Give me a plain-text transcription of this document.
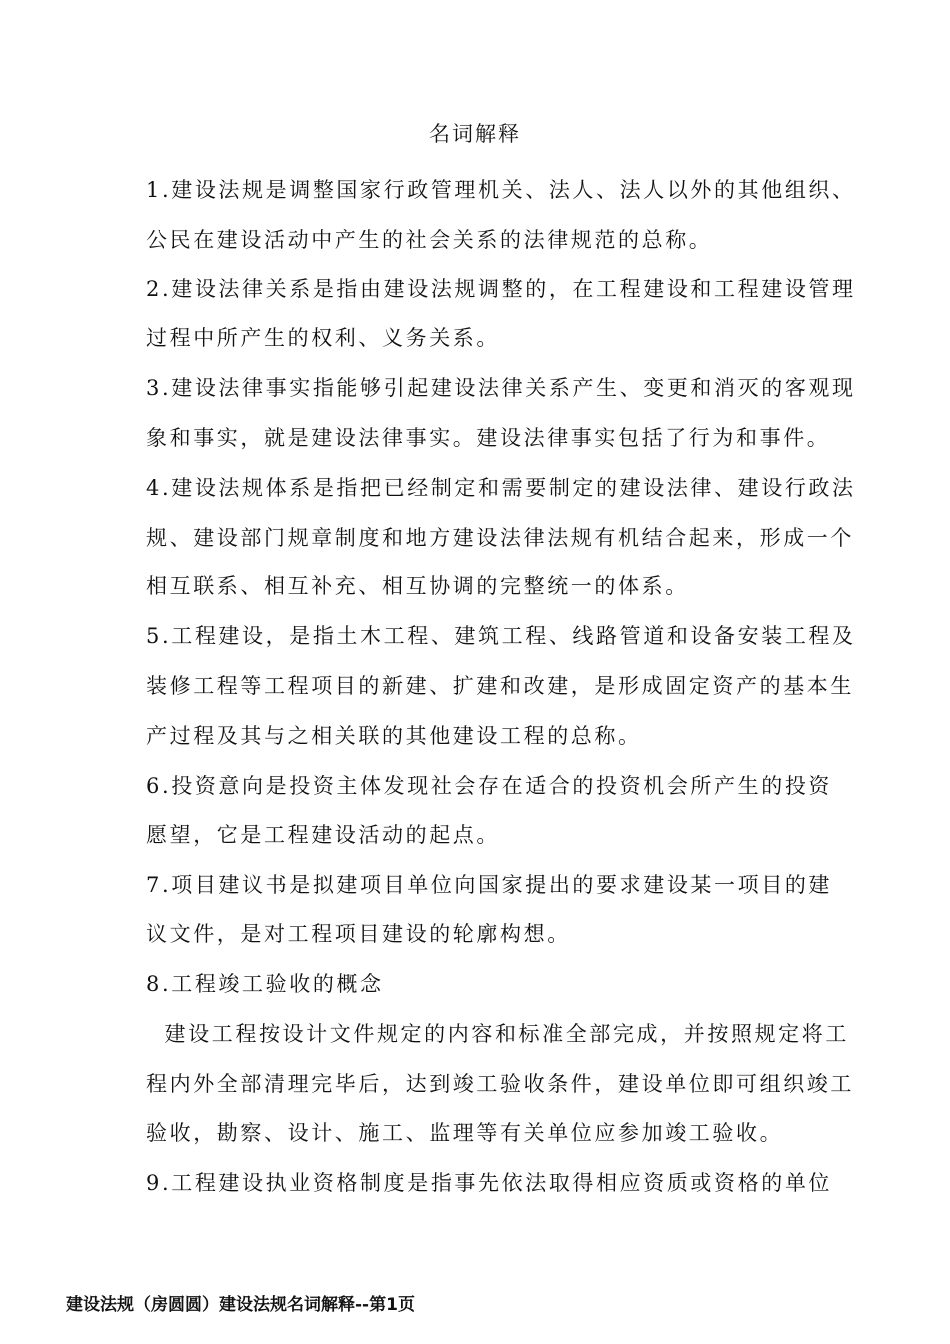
名词解释
1.建设法规是调整国家行政管理机关、法人、法人以外的其他组织、
公民在建设活动中产生的社会关系的法律规范的总称。
2.建设法律关系是指由建设法规调整的，在工程建设和工程建设管理
过程中所产生的权利、义务关系。
3.建设法律事实指能够引起建设法律关系产生、变更和消灭的客观现
象和事实，就是建设法律事实。建设法律事实包括了行为和事件。
4.建设法规体系是指把已经制定和需要制定的建设法律、建设行政法
规、建设部门规章制度和地方建设法律法规有机结合起来，形成一个
相互联系、相互补充、相互协调的完整统一的体系。
5.工程建设，是指土木工程、建筑工程、线路管道和设备安装工程及
装修工程等工程项目的新建、扩建和改建，是形成固定资产的基本生
产过程及其与之相关联的其他建设工程的总称。
6.投资意向是投资主体发现社会存在适合的投资机会所产生的投资
愿望，它是工程建设活动的起点。
7.项目建议书是拟建项目单位向国家提出的要求建设某一项目的建
议文件，是对工程项目建设的轮廓构想。
8.工程竣工验收的概念
建设工程按设计文件规定的内容和标准全部完成，并按照规定将工
程内外全部清理完毕后，达到竣工验收条件，建设单位即可组织竣工
验收，勘察、设计、施工、监理等有关单位应参加竣工验收。
9.工程建设执业资格制度是指事先依法取得相应资质或资格的单位
建设法规（房圆圆）建设法规名词解释--第1页
